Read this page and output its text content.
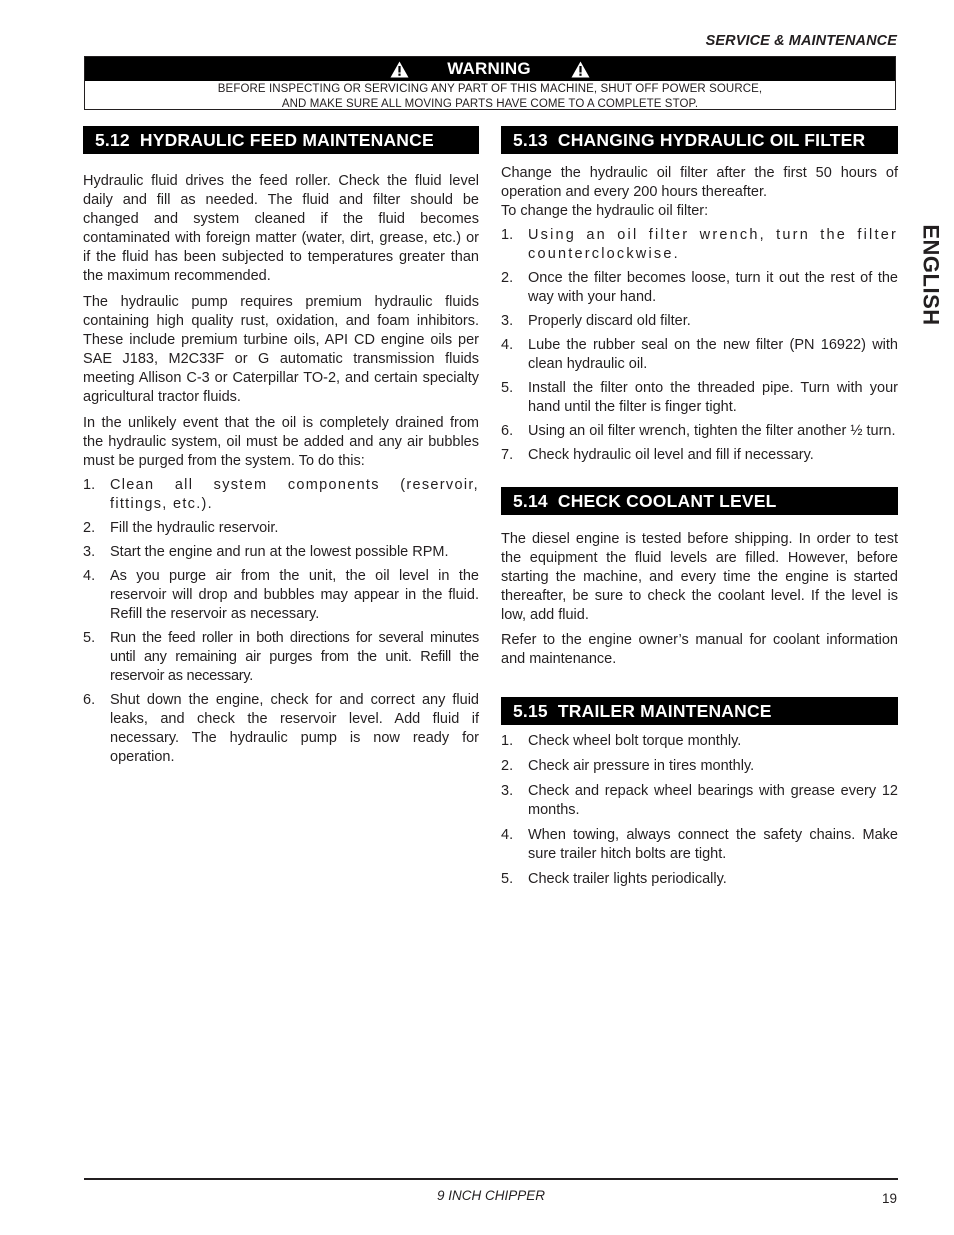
SERVICE & MAINTENANCE
WARNING
BEFORE INSPECTING OR SERVICING ANY PART OF THIS MACHINE, SHUT OFF POWER SOURCE,
AND MAKE SURE ALL MOVING PARTS HAVE COME TO A COMPLETE STOP.
5.12 HYDRAULIC FEED MAINTENANCE

Hydraulic fluid drives the feed roller. Check the fluid level daily and fill as needed. The fluid and filter should be changed and system cleaned if the fluid becomes contaminated with foreign matter (water, dirt, grease, etc.) or if the fluid has been subjected to temperatures greater than the maximum recommended.

The hydraulic pump requires premium hydraulic fluids containing high quality rust, oxidation, and foam inhibitors. These include premium turbine oils, API CD engine oils per SAE J183, M2C33F or G automatic transmission fluids meeting Allison C-3 or Caterpillar TO-2, and certain specialty agricultural tractor fluids.

In the unlikely event that the oil is completely drained from the hydraulic system, oil must be added and any air bubbles must be purged from the system. To do this:

1. Clean all system components (reservoir, fittings, etc.).
2. Fill the hydraulic reservoir.
3. Start the engine and run at the lowest possible RPM.
4. As you purge air from the unit, the oil level in the reservoir will drop and bubbles may appear in the fluid. Refill the reservoir as necessary.
5. Run the feed roller in both directions for several minutes until any remaining air purges from the unit. Refill the reservoir as necessary.
6. Shut down the engine, check for and correct any fluid leaks, and check the reservoir level. Add fluid if necessary. The hydraulic pump is now ready for operation.
5.13 CHANGING HYDRAULIC OIL FILTER

Change the hydraulic oil filter after the first 50 hours of operation and every 200 hours thereafter.

To change the hydraulic oil filter:

1. Using an oil filter wrench, turn the filter counterclockwise.
2. Once the filter becomes loose, turn it out the rest of the way with your hand.
3. Properly discard old filter.
4. Lube the rubber seal on the new filter (PN 16922) with clean hydraulic oil.
5. Install the filter onto the threaded pipe. Turn with your hand until the filter is finger tight.
6. Using an oil filter wrench, tighten the filter another ½ turn.
7. Check hydraulic oil level and fill if necessary.
5.14 CHECK COOLANT LEVEL

The diesel engine is tested before shipping. In order to test the equipment the fluid levels are filled. However, before starting the machine, and every time the engine is started thereafter, be sure to check the coolant level. If the level is low, add fluid.

Refer to the engine owner’s manual for coolant information and maintenance.

5.15 TRAILER MAINTENANCE
1. Check wheel bolt torque monthly.
2. Check air pressure in tires monthly.
3. Check and repack wheel bearings with grease every 12 months.
4. When towing, always connect the safety chains. Make sure trailer hitch bolts are tight.
5. Check trailer lights periodically.
ENGLISH
9 INCH CHIPPER	19
